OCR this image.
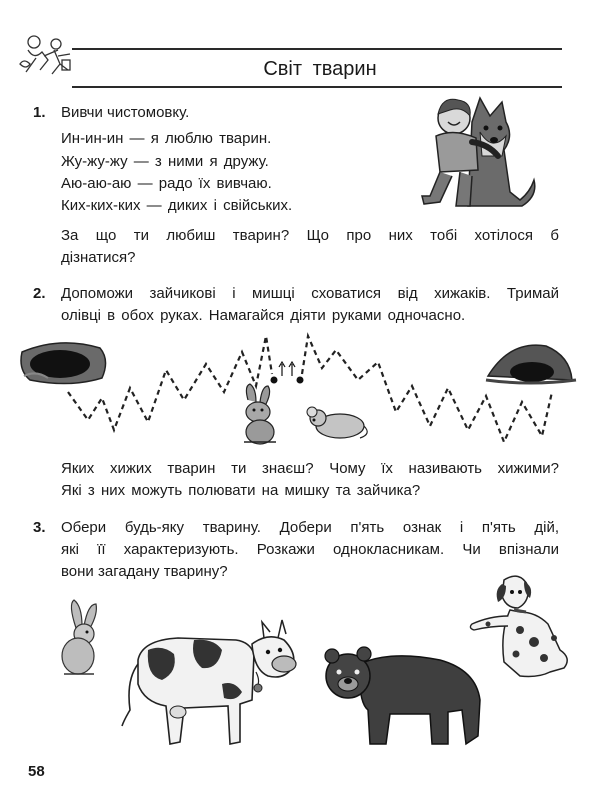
Світ тварин
1. Вивчи чистомовку.
Ин-ин-ин — я люблю тварин.
Жу-жу-жу — з ними я дружу.
Аю-аю-аю — радо їх вивчаю.
Ких-ких-ких — диких і свійських.
За що ти любиш тварин? Що про них тобі хотілося б
дізнатися?
2. Допоможи зайчикові і мишці сховатися від хижаків. Тримай
олівці в обох руках. Намагайся діяти руками одночасно.
Яких хижих тварин ти знаєш? Чому їх називають хижими?
Які з них можуть полювати на мишку та зайчика?
3. Обери будь-яку тварину. Добери п'ять ознак і п'ять дій,
які її характеризують. Розкажи однокласникам. Чи впізнали
вони загадану тварину?
58
